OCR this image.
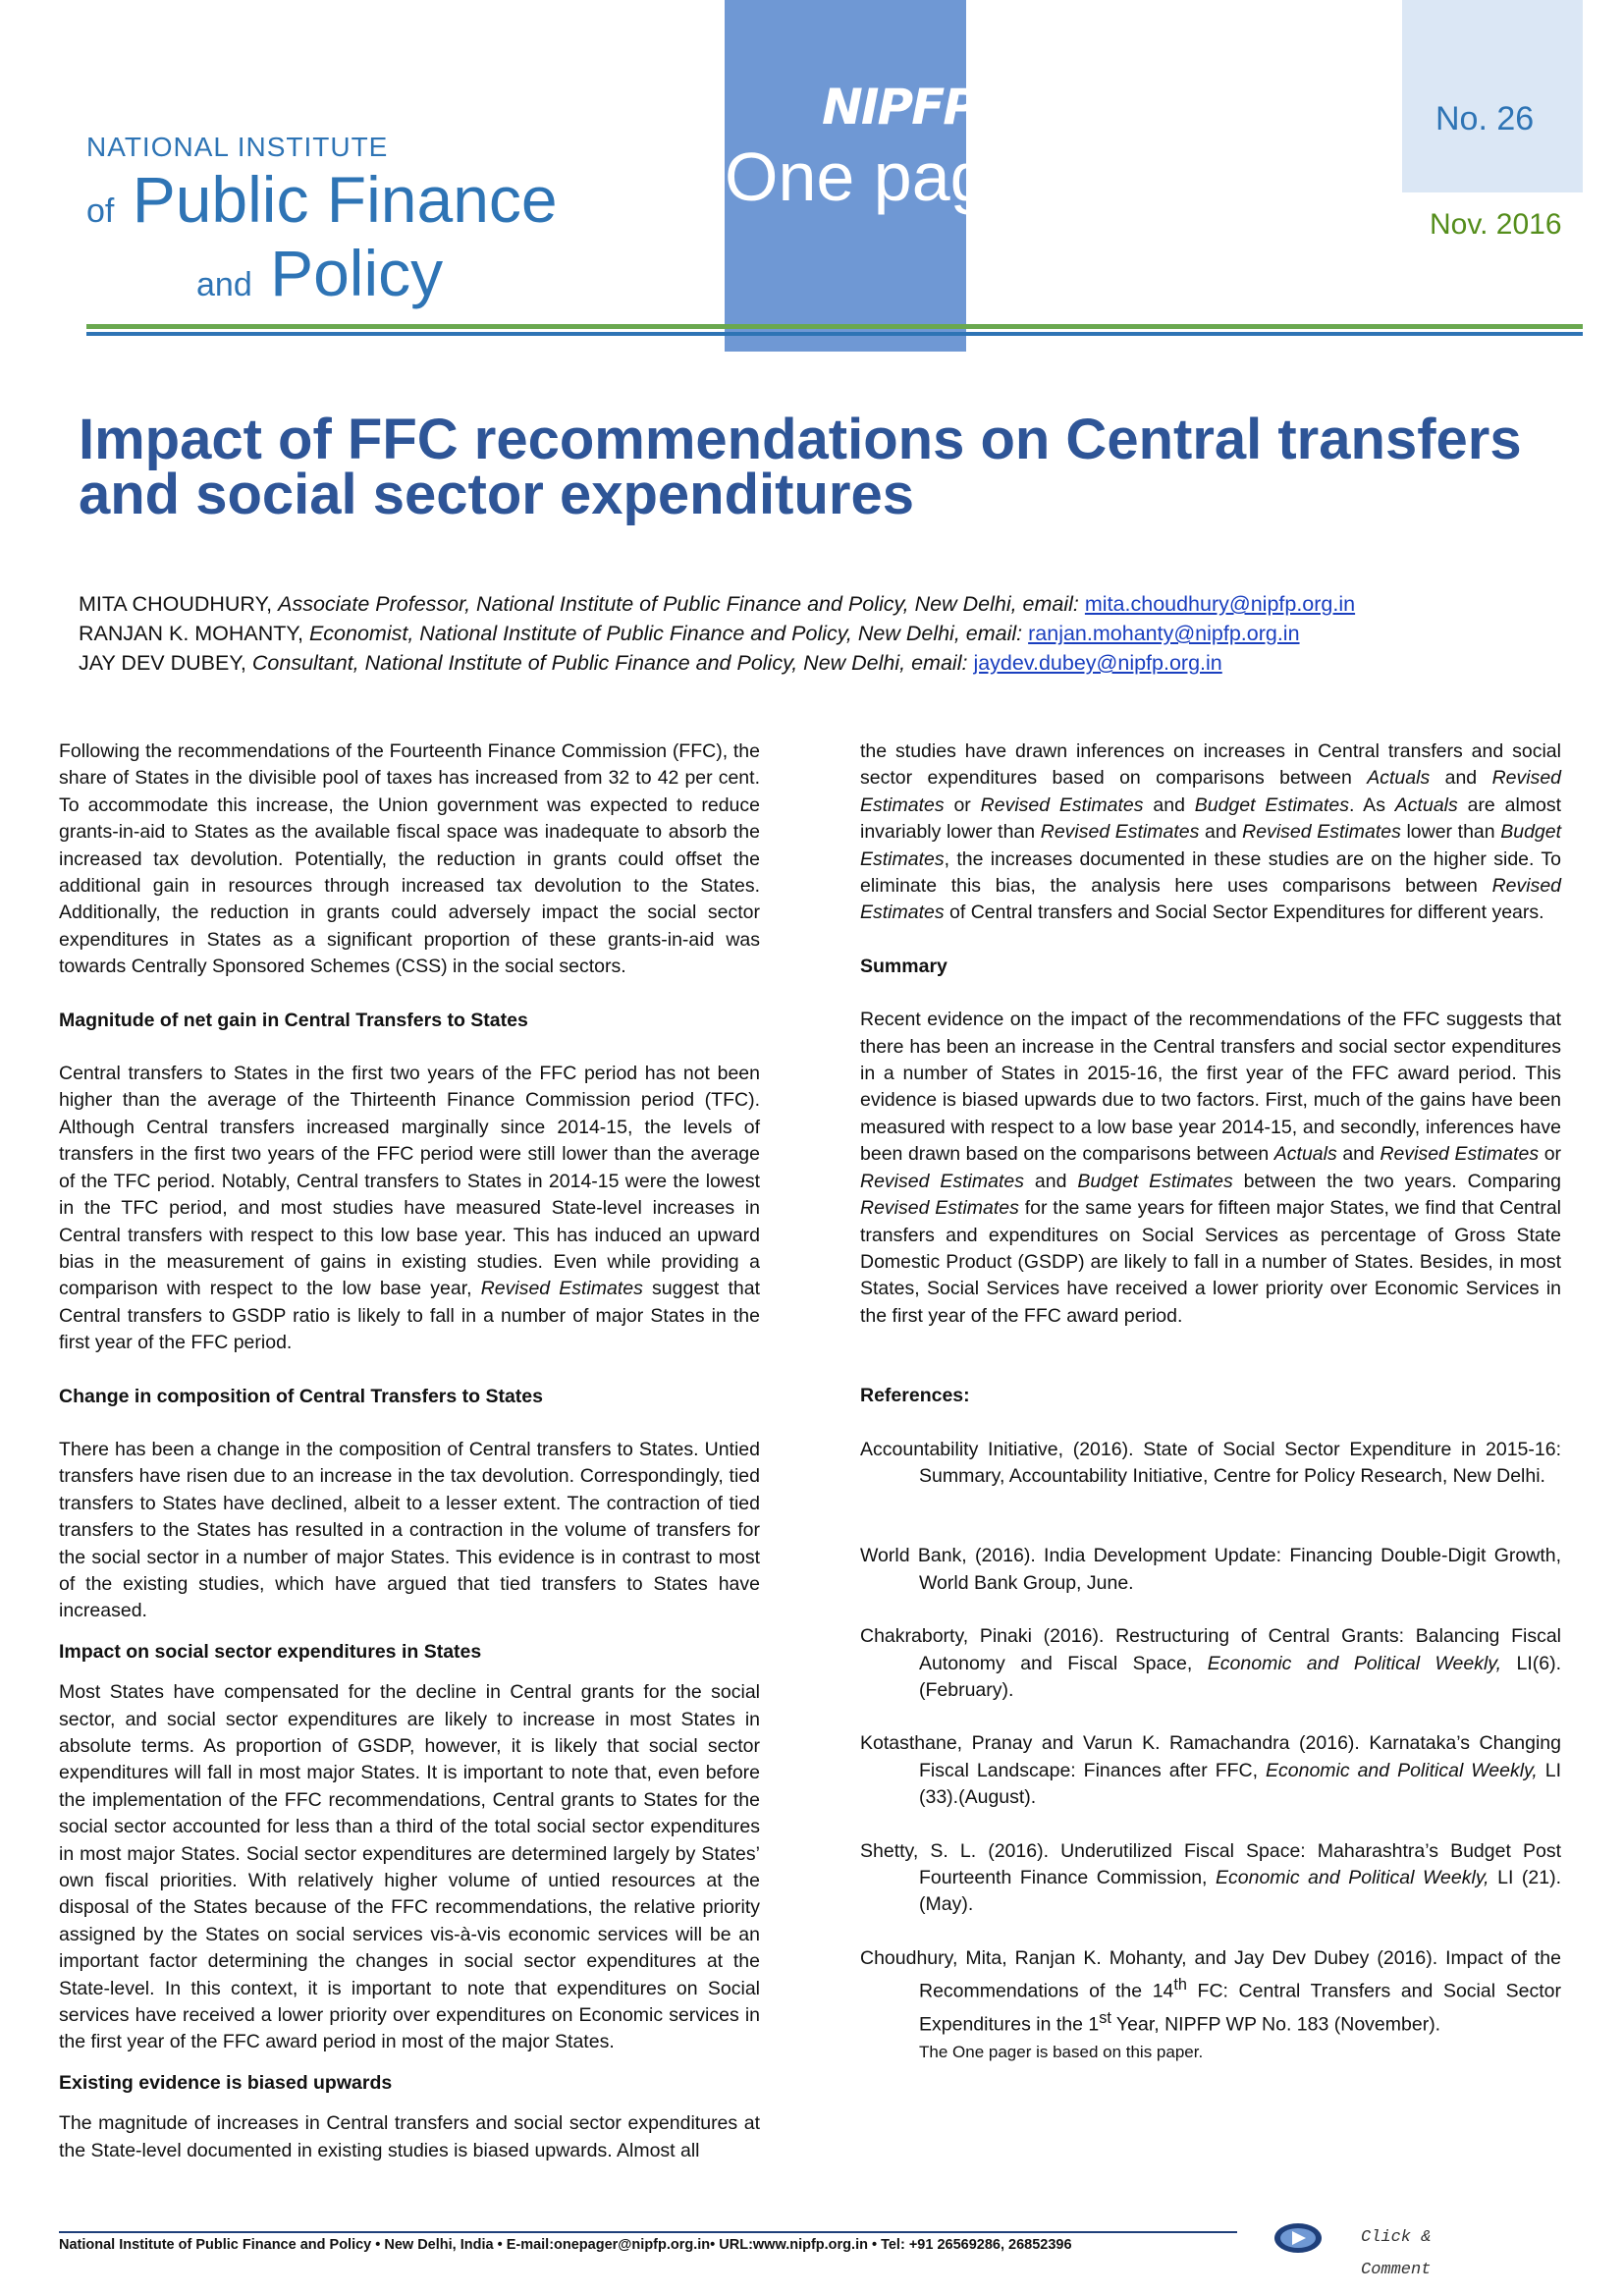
NATIONAL INSTITUTE
of Public Finance
and Policy
NIPFP
One pager
No. 26
Nov. 2016
Impact of FFC recommendations on Central transfers and social sector expenditures
MITA CHOUDHURY, Associate Professor, National Institute of Public Finance and Policy, New Delhi, email: mita.choudhury@nipfp.org.in
RANJAN K. MOHANTY, Economist, National Institute of Public Finance and Policy, New Delhi, email: ranjan.mohanty@nipfp.org.in
JAY DEV DUBEY, Consultant, National Institute of Public Finance and Policy, New Delhi, email: jaydev.dubey@nipfp.org.in

Following the recommendations of the Fourteenth Finance Commission (FFC), the share of States in the divisible pool of taxes has increased from 32 to 42 per cent. To accommodate this increase, the Union government was expected to reduce grants-in-aid to States as the available fiscal space was inadequate to absorb the increased tax devolution. Potentially, the reduction in grants could offset the additional gain in resources through increased tax devolution to the States. Additionally, the reduction in grants could adversely impact the social sector expenditures in States as a significant proportion of these grants-in-aid was towards Centrally Sponsored Schemes (CSS) in the social sectors.

Magnitude of net gain in Central Transfers to States

Central transfers to States in the first two years of the FFC period has not been higher than the average of the Thirteenth Finance Commission period (TFC). Although Central transfers increased marginally since 2014-15, the levels of transfers in the first two years of the FFC period were still lower than the average of the TFC period. Notably, Central transfers to States in 2014-15 were the lowest in the TFC period, and most studies have measured State-level increases in Central transfers with respect to this low base year. This has induced an upward bias in the measurement of gains in existing studies. Even while providing a comparison with respect to the low base year, Revised Estimates suggest that Central transfers to GSDP ratio is likely to fall in a number of major States in the first year of the FFC period.

Change in composition of Central Transfers to States

There has been a change in the composition of Central transfers to States. Untied transfers have risen due to an increase in the tax devolution. Correspondingly, tied transfers to States have declined, albeit to a lesser extent. The contraction of tied transfers to the States has resulted in a contraction in the volume of transfers for the social sector in a number of major States. This evidence is in contrast to most of the existing studies, which have argued that tied transfers to States have increased.

Impact on social sector expenditures in States

Most States have compensated for the decline in Central grants for the social sector, and social sector expenditures are likely to increase in most States in absolute terms. As proportion of GSDP, however, it is likely that social sector expenditures will fall in most major States. It is important to note that, even before the implementation of the FFC recommendations, Central grants to States for the social sector accounted for less than a third of the total social sector expenditures in most major States. Social sector expenditures are determined largely by States’ own fiscal priorities. With relatively higher volume of untied resources at the disposal of the States because of the FFC recommendations, the relative priority assigned by the States on social services vis-à-vis economic services will be an important factor determining the changes in social sector expenditures at the State-level. In this context, it is important to note that expenditures on Social services have received a lower priority over expenditures on Economic services in the first year of the FFC award period in most of the major States.

Existing evidence is biased upwards

The magnitude of increases in Central transfers and social sector expenditures at the State-level documented in existing studies is biased upwards. Almost all

the studies have drawn inferences on increases in Central transfers and social sector expenditures based on comparisons between Actuals and Revised Estimates or Revised Estimates and Budget Estimates. As Actuals are almost invariably lower than Revised Estimates and Revised Estimates lower than Budget Estimates, the increases documented in these studies are on the higher side. To eliminate this bias, the analysis here uses comparisons between Revised Estimates of Central transfers and Social Sector Expenditures for different years.

Summary

Recent evidence on the impact of the recommendations of the FFC suggests that there has been an increase in the Central transfers and social sector expenditures in a number of States in 2015-16, the first year of the FFC award period. This evidence is biased upwards due to two factors. First, much of the gains have been measured with respect to a low base year 2014-15, and secondly, inferences have been drawn based on the comparisons between Actuals and Revised Estimates or Revised Estimates and Budget Estimates between the two years. Comparing Revised Estimates for the same years for fifteen major States, we find that Central transfers and expenditures on Social Services as percentage of Gross State Domestic Product (GSDP) are likely to fall in a number of States. Besides, in most States, Social Services have received a lower priority over Economic Services in the first year of the FFC award period.

References:

Accountability Initiative, (2016). State of Social Sector Expenditure in 2015-16: Summary, Accountability Initiative, Centre for Policy Research, New Delhi.

World Bank, (2016). India Development Update: Financing Double-Digit Growth, World Bank Group, June.

Chakraborty, Pinaki (2016). Restructuring of Central Grants: Balancing Fiscal Autonomy and Fiscal Space, Economic and Political Weekly, LI(6). (February).

Kotasthane, Pranay and Varun K. Ramachandra (2016). Karnataka’s Changing Fiscal Landscape: Finances after FFC, Economic and Political Weekly, LI (33).(August).

Shetty, S. L. (2016). Underutilized Fiscal Space: Maharashtra’s Budget Post Fourteenth Finance Commission, Economic and Political Weekly, LI (21).(May).

Choudhury, Mita, Ranjan K. Mohanty, and Jay Dev Dubey (2016). Impact of the Recommendations of the 14th FC: Central Transfers and Social Sector Expenditures in the 1st Year, NIPFP WP No. 183 (November).

The One pager is based on this paper.
National Institute of Public Finance and Policy • New Delhi, India • E-mail:onepager@nipfp.org.in• URL:www.nipfp.org.in • Tel: +91 26569286, 26852396	Click &
Comment
